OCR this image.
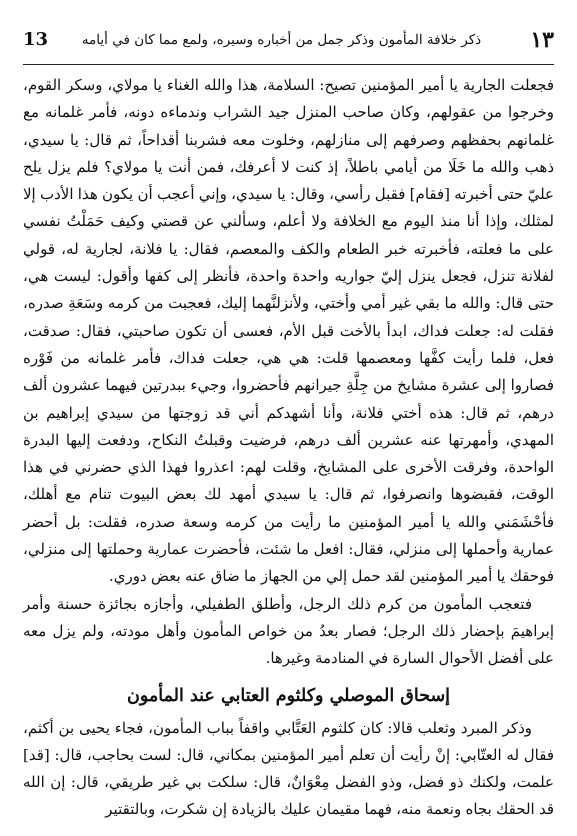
١٣
ذكر خلافة المأمون وذكر جمل من أخباره وسيره، ولمع مما كان في أيامه
13

فجعلت الجارية يا أمير المؤمنين تصيح: السلامة، هذا والله الغناء يا مولاي، وسكر القوم، وخرجوا من عقولهم، وكان صاحب المنزل جيد الشراب وندماءه دونه، فأمر غلمانه مع غلمانهم بحفظهم وصرفهم إلى منازلهم، وخلوت معه فشربنا أقداحاً، ثم قال: يا سيدي، ذهب والله ما خَلَا من أيامي باطلاً، إذ كنت لا أعرفك، فمن أنت يا مولاي؟ فلم يزل يلح عليّ حتى أخبرته [فقام] فقبل رأسي، وقال: يا سيدي، وإني أعجب أن يكون هذا الأدب إلا لمثلك، وإذا أنا منذ اليوم مع الخلافة ولا أعلم، وسألني عن قصتي وكيف حَمَلْتُ نفسي على ما فعلته، فأخبرته خبر الطعام والكف والمعصم، فقال: يا فلانة، لجارية له، قولي لفلانة تنزل، فجعل ينزل إليّ جواريه واحدة واحدة، فأنظر إلى كفها وأقول: ليست هي، حتى قال: والله ما بقي غير أمي وأختي، ولأنزلنَّهما إليك، فعجبت من كرمه وسَعَةِ صدره، فقلت له: جعلت فداك، ابدأ بالأخت قبل الأم، فعسى أن تكون صاحبتي، فقال: صدقت، فعل، فلما رأيت كفَّها ومعصمها قلت: هي هي، جعلت فداك، فأمر غلمانه من فَوْره فصاروا إلى عشرة مشايخ من جِلَّةِ جيرانهم فأحضروا، وجيء ببدرتين فيهما عشرون ألف درهم، ثم قال: هذه أختي فلانة، وأنا أشهدكم أني قد زوجتها من سيدي إبراهيم بن المهدي، وأمهرتها عنه عشرين ألف درهم، فرضيت وقبلتُ النكاح، ودفعت إليها البدرة الواحدة، وفرقت الأخرى على المشايخ، وقلت لهم: اعذروا فهذا الذي حضرني في هذا الوقت، فقبضوها وانصرفوا، ثم قال: يا سيدي أمهد لك بعض البيوت تنام مع أهلك، فأحْشَمَني والله يا أمير المؤمنين ما رأيت من كرمه وسعة صدره، فقلت: بل أحضر عمارية وأحملها إلى منزلي، فقال: افعل ما شئت، فأحضرت عمارية وحملتها إلى منزلي، فوحقك يا أمير المؤمنين لقد حمل إلي من الجهاز ما ضاق عنه بعض دوري.

فتعجب المأمون من كرم ذلك الرجل، وأطلق الطفيلي، وأجازه بجائزة حسنة وأمر إبراهيمَ بإحضار ذلك الرجل؛ فصار بعدُ من خواص المأمون وأهل مودته، ولم يزل معه على أفضل الأحوال السارة في المنادمة وغيرها.

إسحاق الموصلي وكلثوم العتابي عند المأمون

وذكر المبرد وثعلب قالا: كان كلثوم العَتَّابي واقفاً بباب المأمون، فجاء يحيى بن أكثم، فقال له العتّابي: إنْ رأيت أن تعلم أمير المؤمنين بمكاني، قال: لست بحاجب، قال: [قد] علمت، ولكنك ذو فضل، وذو الفضل مِعْوَانٌ، قال: سلكت بي غير طريقي، قال: إن الله قد الحقك بجاه ونعمة منه، فهما مقيمان عليك بالزيادة إن شكرت، وبالتقتير
